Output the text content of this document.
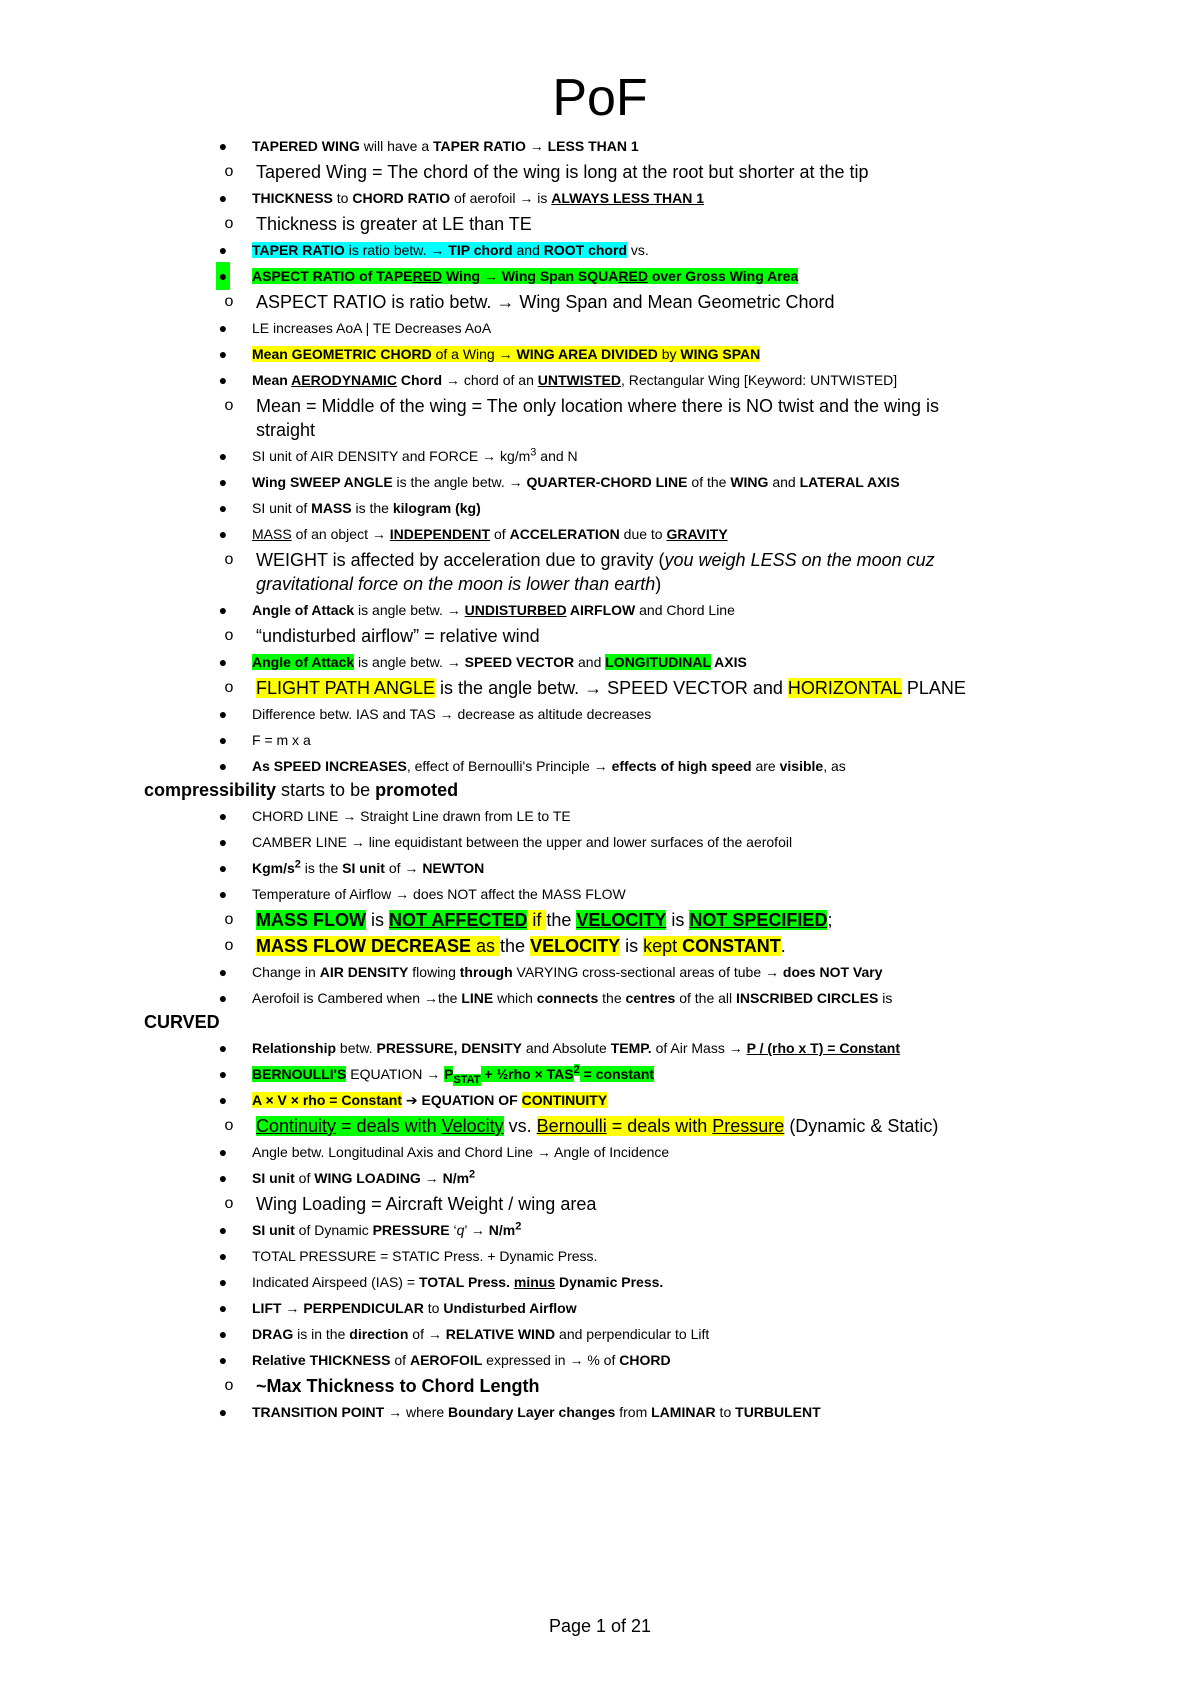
PoF
● TAPERED WING will have a TAPER RATIO → LESS THAN 1
o Tapered Wing = The chord of the wing is long at the root but shorter at the tip
● THICKNESS to CHORD RATIO of aerofoil → is ALWAYS LESS THAN 1
o Thickness is greater at LE than TE
● TAPER RATIO is ratio betw. → TIP chord and ROOT chord vs.
● ASPECT RATIO of TAPERED Wing → Wing Span SQUARED over Gross Wing Area
o ASPECT RATIO is ratio betw. → Wing Span and Mean Geometric Chord
● LE increases AoA | TE Decreases AoA
● Mean GEOMETRIC CHORD of a Wing → WING AREA DIVIDED by WING SPAN
● Mean AERODYNAMIC Chord → chord of an UNTWISTED, Rectangular Wing [Keyword: UNTWISTED]
o Mean = Middle of the wing = The only location where there is NO twist and the wing is
straight
● SI unit of AIR DENSITY and FORCE → $kg/m^3$ and N
● Wing SWEEP ANGLE is the angle betw. → QUARTER-CHORD LINE of the WING and LATERAL AXIS
● SI unit of MASS is the kilogram (kg)
● MASS of an object → INDEPENDENT of ACCELERATION due to GRAVITY
o WEIGHT is affected by acceleration due to gravity (you weigh LESS on the moon cuz
gravitational force on the moon is lower than earth)
● Angle of Attack is angle betw. → UNDISTURBED AIRFLOW and Chord Line
o “undisturbed airflow” = relative wind
● Angle of Attack is angle betw. → SPEED VECTOR and LONGITUDINAL AXIS
o FLIGHT PATH ANGLE is the angle betw. → SPEED VECTOR and HORIZONTAL PLANE
● Difference betw. IAS and TAS → decrease as altitude decreases
● F = m x a
● As SPEED INCREASES, effect of Bernoulli's Principle → effects of high speed are visible, as
compressibility starts to be promoted
● CHORD LINE → Straight Line drawn from LE to TE
● CAMBER LINE → line equidistant between the upper and lower surfaces of the aerofoil
● Kgm/$s^2$ is the SI unit of → NEWTON
● Temperature of Airflow → does NOT affect the MASS FLOW
o MASS FLOW is NOT AFFECTED if the VELOCITY is NOT SPECIFIED;
o MASS FLOW DECREASE as the VELOCITY is kept CONSTANT.
● Change in AIR DENSITY flowing through VARYING cross-sectional areas of tube → does NOT Vary
● Aerofoil is Cambered when →the LINE which connects the centres of the all INSCRIBED CIRCLES is
CURVED
● Relationship betw. PRESSURE, DENSITY and Absolute TEMP. of Air Mass → P / (rho x T) = Constant
● BERNOULLI'S EQUATION → $P_{STAT}$ + ½rho × $TAS^2$ = constant
● A × V × rho = Constant ➔ EQUATION OF CONTINUITY
o Continuity = deals with Velocity vs. Bernoulli = deals with Pressure (Dynamic & Static)
● Angle betw. Longitudinal Axis and Chord Line → Angle of Incidence
● SI unit of WING LOADING → $N/m^2$
o Wing Loading = Aircraft Weight / wing area
● SI unit of Dynamic PRESSURE ‘q’ → $N/m^2$
● TOTAL PRESSURE = STATIC Press. + Dynamic Press.
● Indicated Airspeed (IAS) = TOTAL Press. minus Dynamic Press.
● LIFT → PERPENDICULAR to Undisturbed Airflow
● DRAG is in the direction of → RELATIVE WIND and perpendicular to Lift
● Relative THICKNESS of AEROFOIL expressed in → % of CHORD
o ~Max Thickness to Chord Length
● TRANSITION POINT → where Boundary Layer changes from LAMINAR to TURBULENT
Page 1 of 21
